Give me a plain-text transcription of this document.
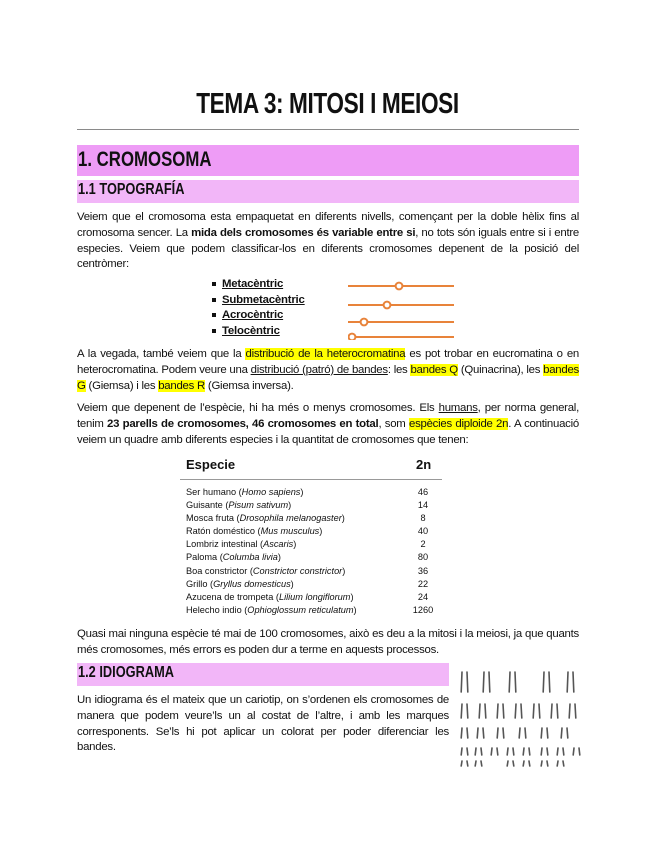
TEMA 3: MITOSI I MEIOSI
1. CROMOSOMA
1.1 TOPOGRAFÍA
Veiem que el cromosoma esta empaquetat en diferents nivells, començant per la doble hèlix fins al cromosoma sencer. La mida dels cromosomes és variable entre si, no tots són iguals entre si i entre especies. Veiem que podem classificar-los en diferents cromosomes depenent de la posició del centròmer:
Metacèntric
Submetacèntric
Acrocèntric
Telocèntric
A la vegada, també veiem que la distribució de la heterocromatina es pot trobar en eucromatina o en heterocromatina. Podem veure una distribució (patró) de bandes: les bandes Q (Quinacrina), les bandes G (Giemsa) i les bandes R (Giemsa inversa).
Veiem que depenent de l’espècie, hi ha més o menys cromosomes. Els humans, per norma general, tenim 23 parells de cromosomes, 46 cromosomes en total, som espècies diploide 2n. A continuació veiem un quadre amb diferents especies i la quantitat de cromosomes que tenen:
Especie	2n
Ser humano (Homo sapiens)	46
Guisante (Pisum sativum)	14
Mosca fruta (Drosophila melanogaster)	8
Ratón doméstico (Mus musculus)	40
Lombriz intestinal (Ascaris)	2
Paloma (Columba livia)	80
Boa constrictor (Constrictor constrictor)	36
Grillo (Gryllus domesticus)	22
Azucena de trompeta (Lilium longiflorum)	24
Helecho indio (Ophioglossum reticulatum)	1260
Quasi mai ninguna espècie té mai de 100 cromosomes, això es deu a la mitosi i la meiosi, ja que quants més cromosomes, més errors es poden dur a terme en aquests processos.
1.2 IDIOGRAMA
Un idiograma és el mateix que un cariotip, on s’ordenen els cromosomes de manera que podem veure’ls un al costat de l’altre, i amb les marques corresponents. Se’ls hi pot aplicar un colorat per poder diferenciar les bandes.
